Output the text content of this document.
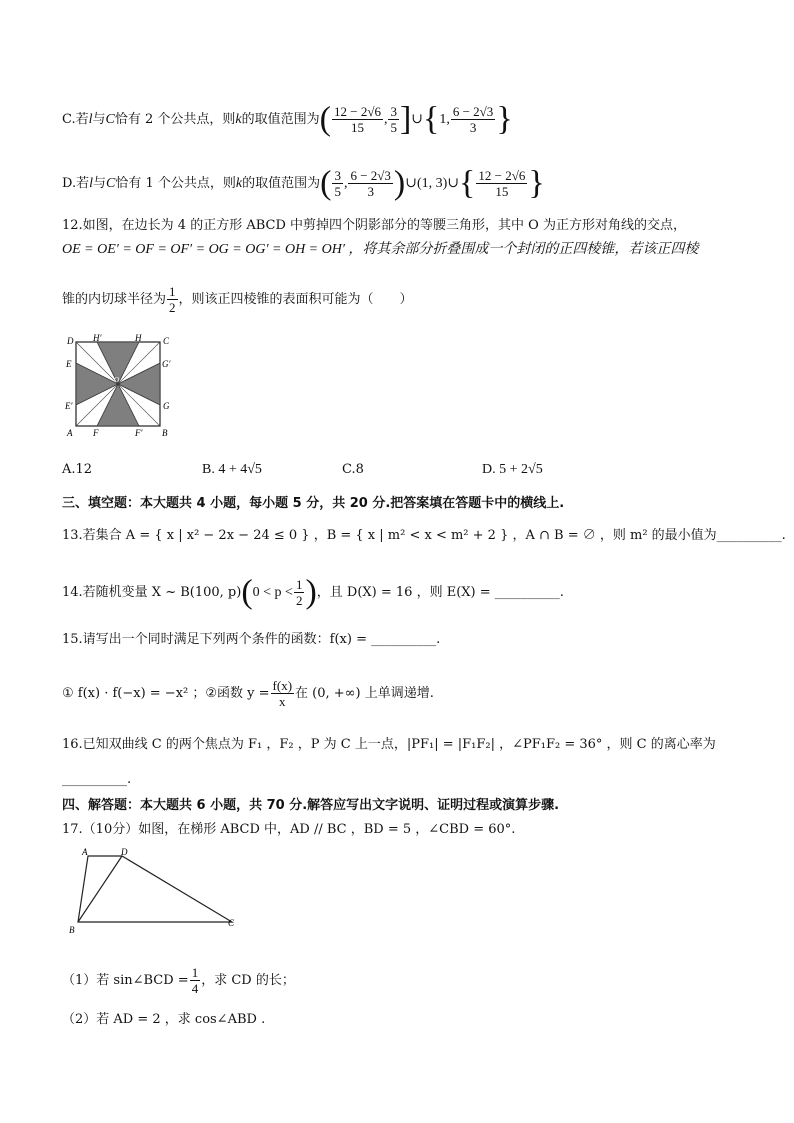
C.若l与C恰有 2 个公共点，则k的取值范围为( $\frac{12 - 2√6}{15}$ , $\frac{3}{5}$ ]∪{1, $\frac{6 - 2√3}{3}$ }
D.若l与C恰有 1 个公共点，则k的取值范围为( $\frac{3}{5}$ , $\frac{6 - 2√3}{3}$ )∪(1, 3)∪{ $\frac{12 - 2√6}{15}$ }
12.如图，在边长为 4 的正方形 ABCD 中剪掉四个阴影部分的等腰三角形，其中 O 为正方形对角线的交点，
OE = OE′ = OF = OF′ = OG = OG′ = OH = OH′ ，将其余部分折叠围成一个封闭的正四棱锥，若该正四棱
锥的内切球半径为 $\frac{1}{2}$ ，则该正四棱锥的表面积可能为（　　）
D H′	H C
E	G′
E′	G
A F	F′ B
O
A.12	B. 4 + 4√5	C.8	D. 5 + 2√5
三、填空题：本大题共 4 小题，每小题 5 分，共 20 分.把答案填在答题卡中的横线上.
13.若集合 A = { x | x² − 2x − 24 ≤ 0 } ，B = { x | m² < x < m² + 2 } ，A ∩ B = ∅ ，则 m² 的最小值为__________.
14.若随机变量 X ~ B(100, $p)(0 < p < \frac{1}{2}$ )，且 D(X) = 16 ，则 E(X) = __________.
15.请写出一个同时满足下列两个条件的函数：f(x) = __________.
① f(x) · f(−x) = −x² ；②函数 $y = \frac{f(x)}{x}$ 在 (0, +∞) 上单调递增.
16.已知双曲线 C 的两个焦点为 F₁ ，F₂ ，P 为 C 上一点，|PF₁| = |F₁F₂| ，∠PF₁F₂ = 36° ，则 C 的离心率为
__________.
四、解答题：本大题共 6 小题，共 70 分.解答应写出文字说明、证明过程或演算步骤.
17.（10分）如图，在梯形 ABCD 中，AD // BC ，BD = 5 ，∠CBD = 60°.
A	D
B
C
（1）若 sin∠BCD = $\frac{1}{4}$ ，求 CD 的长；
（2）若 AD = 2 ，求 cos∠ABD .
